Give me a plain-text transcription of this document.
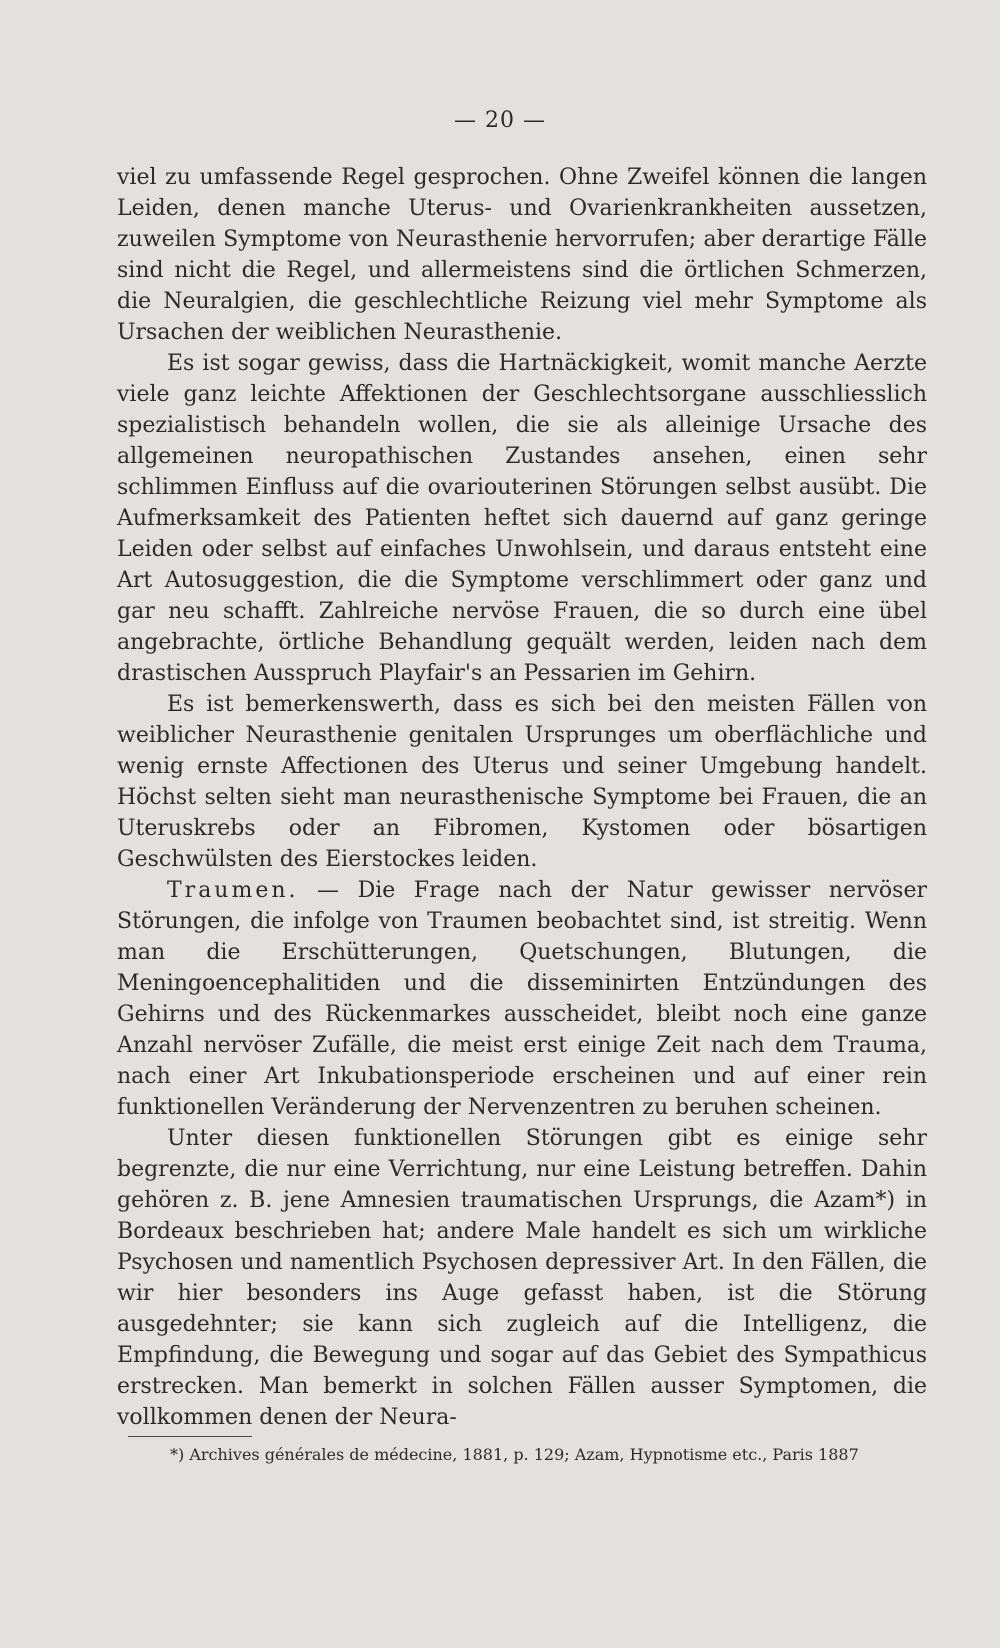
— 20 —

viel zu umfassende Regel gesprochen. Ohne Zweifel können die langen Leiden, denen manche Uterus- und Ovarienkrankheiten aussetzen, zuweilen Symptome von Neurasthenie hervorrufen; aber derartige Fälle sind nicht die Regel, und allermeistens sind die örtlichen Schmerzen, die Neuralgien, die geschlechtliche Reizung viel mehr Symptome als Ursachen der weiblichen Neurasthenie.

Es ist sogar gewiss, dass die Hartnäckigkeit, womit manche Aerzte viele ganz leichte Affektionen der Geschlechtsorgane ausschliesslich spezialistisch behandeln wollen, die sie als alleinige Ursache des allgemeinen neuropathischen Zustandes ansehen, einen sehr schlimmen Einfluss auf die ovariouterinen Störungen selbst ausübt. Die Aufmerksamkeit des Patienten heftet sich dauernd auf ganz geringe Leiden oder selbst auf einfaches Unwohlsein, und daraus entsteht eine Art Autosuggestion, die die Symptome verschlimmert oder ganz und gar neu schafft. Zahlreiche nervöse Frauen, die so durch eine übel angebrachte, örtliche Behandlung gequält werden, leiden nach dem drastischen Ausspruch Playfair's an Pessarien im Gehirn.

Es ist bemerkenswerth, dass es sich bei den meisten Fällen von weiblicher Neurasthenie genitalen Ursprunges um oberflächliche und wenig ernste Affectionen des Uterus und seiner Umgebung handelt. Höchst selten sieht man neurasthenische Symptome bei Frauen, die an Uteruskrebs oder an Fibromen, Kystomen oder bösartigen Geschwülsten des Eierstockes leiden.

Traumen. — Die Frage nach der Natur gewisser nervöser Störungen, die infolge von Traumen beobachtet sind, ist streitig. Wenn man die Erschütterungen, Quetschungen, Blutungen, die Meningoencephalitiden und die disseminirten Entzündungen des Gehirns und des Rückenmarkes ausscheidet, bleibt noch eine ganze Anzahl nervöser Zufälle, die meist erst einige Zeit nach dem Trauma, nach einer Art Inkubationsperiode erscheinen und auf einer rein funktionellen Veränderung der Nervenzentren zu beruhen scheinen.

Unter diesen funktionellen Störungen gibt es einige sehr begrenzte, die nur eine Verrichtung, nur eine Leistung betreffen. Dahin gehören z. B. jene Amnesien traumatischen Ursprungs, die Azam*) in Bordeaux beschrieben hat; andere Male handelt es sich um wirkliche Psychosen und namentlich Psychosen depressiver Art. In den Fällen, die wir hier besonders ins Auge gefasst haben, ist die Störung ausgedehnter; sie kann sich zugleich auf die Intelligenz, die Empfindung, die Bewegung und sogar auf das Gebiet des Sympathicus erstrecken. Man bemerkt in solchen Fällen ausser Symptomen, die vollkommen denen der Neura-

*) Archives générales de médecine, 1881, p. 129; Azam, Hypnotisme etc., Paris 1887
